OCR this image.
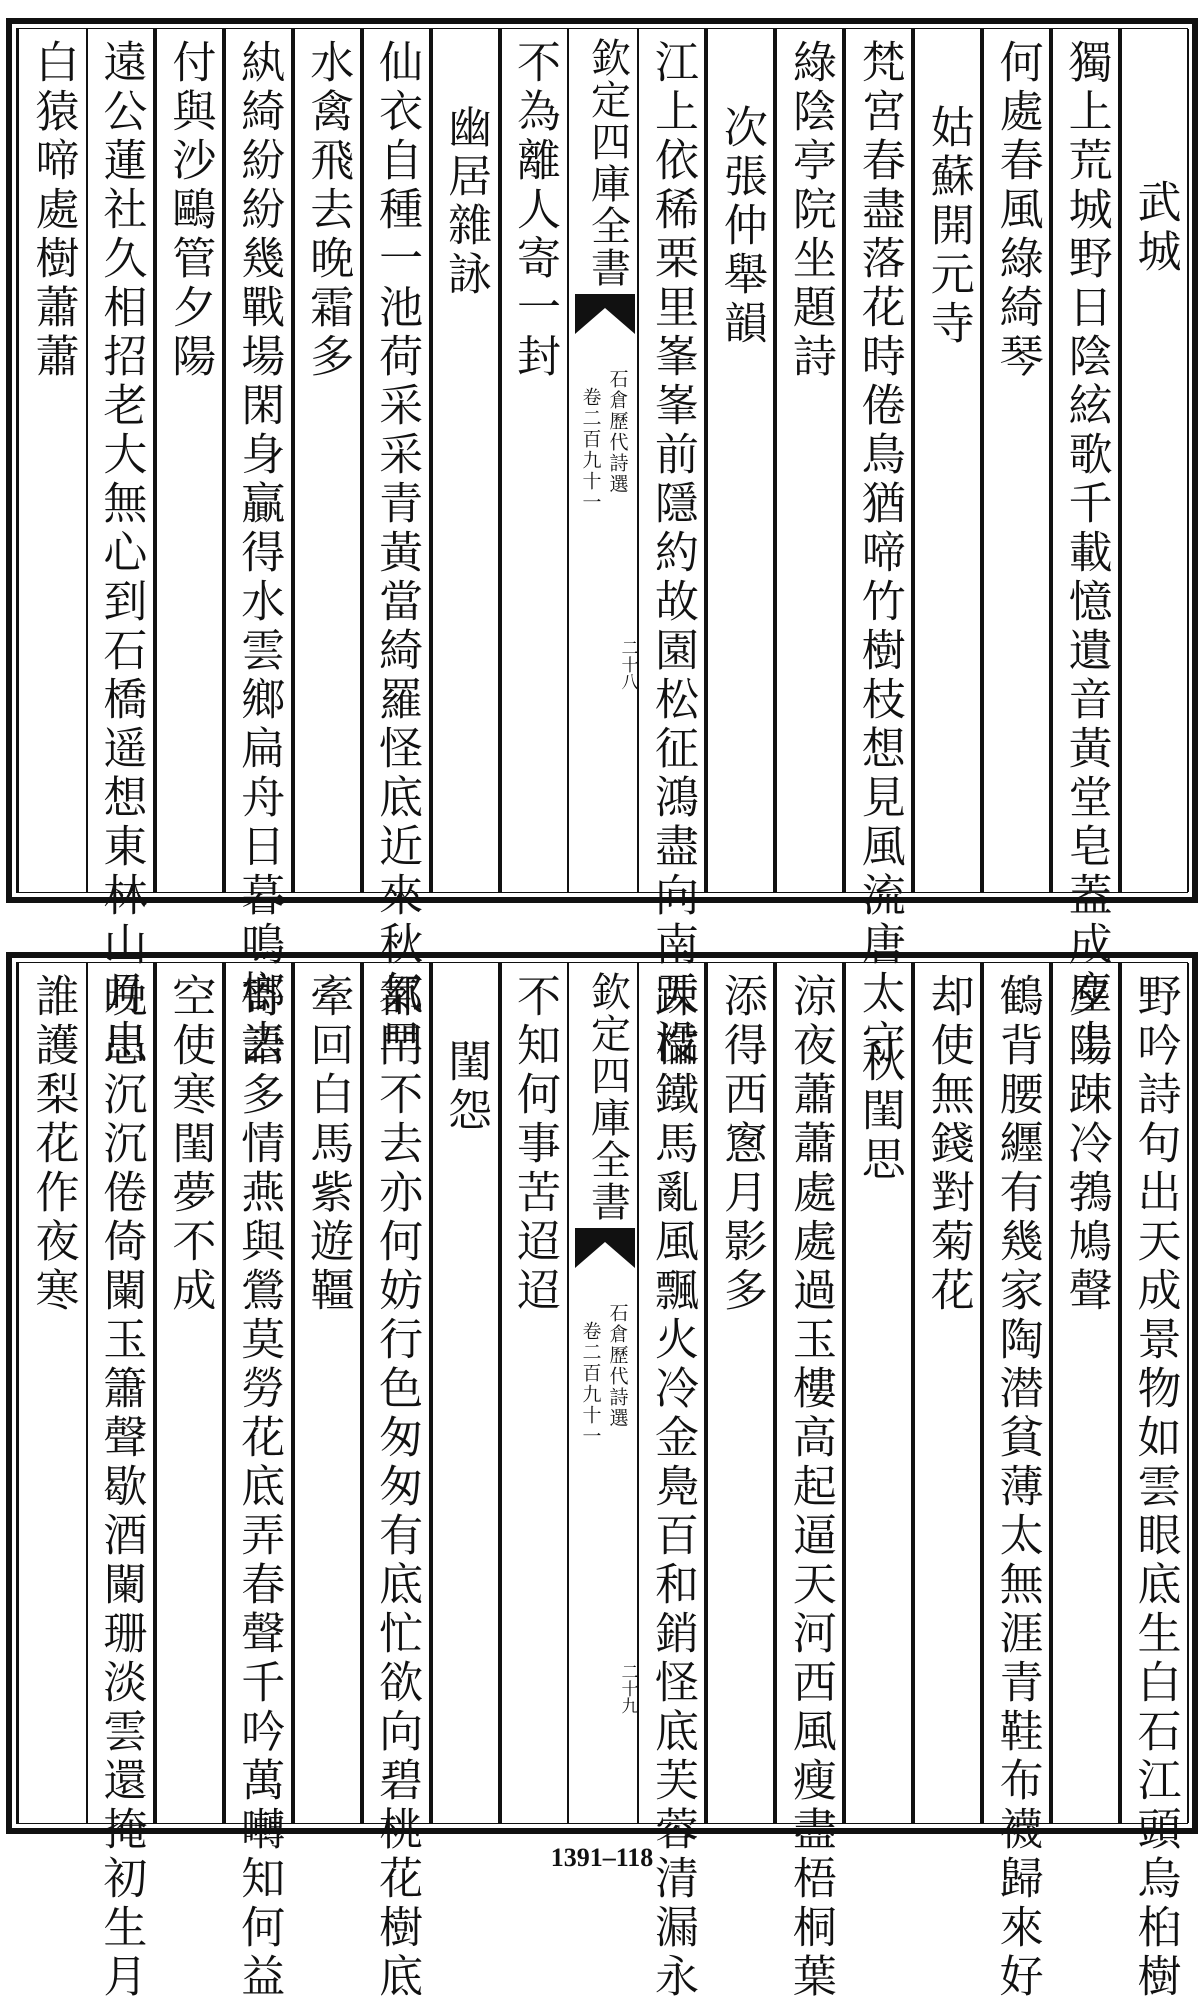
武城
獨上荒城野日陰絃歌千載憶遺音黃堂皂蓋成塵土
何處春風綠綺琴
姑蘇開元寺
梵宮春盡落花時倦鳥猶啼竹樹枝想見風流唐太守
綠陰亭院坐題詩
次張仲舉韻
江上依稀栗里峯峯前隱約故園松征鴻盡向南天没
欽定四庫全書
石倉歷代詩選
卷二百九十一
二十八
不為離人寄一封
幽居雜詠
仙衣自種一池荷采采青黃當綺羅怪底近來秋氣早
水禽飛去晚霜多
紈綺紛紛幾戰場閑身贏得水雲鄉扁舟日暮鳴榔去
付與沙鷗管夕陽
遠公蓮社久相招老大無心到石橋遥想東林山月出
白猿啼處樹蕭蕭
野吟詩句出天成景物如雲眼底生白石江頭烏桕樹
夕陽踈冷鵓鳩聲
鶴背腰纒有幾家陶潜貧薄太無涯青鞋布襪歸來好
却使無錢對菊花
秋閨思
涼夜蕭蕭處處過玉樓高起逼天河西風瘦盡梧桐葉
添得西窻月影多
踈櫺鐵馬亂風飄火冷金鳧百和銷怪底芙蓉清漏永
欽定四庫全書
石倉歷代詩選
卷二百九十一
二十九
不知何事苦迢迢
閨怨
都門不去亦何妨行色匆匆有底忙欲向碧桃花樹底
牽回白馬紫遊韁
寄語多情燕與鶯莫勞花底弄春聲千吟萬囀知何益
空使寒閨夢不成
晚思沉沉倦倚闌玉簫聲歇酒闌珊淡雲還掩初生月
誰護梨花作夜寒
1391–118
